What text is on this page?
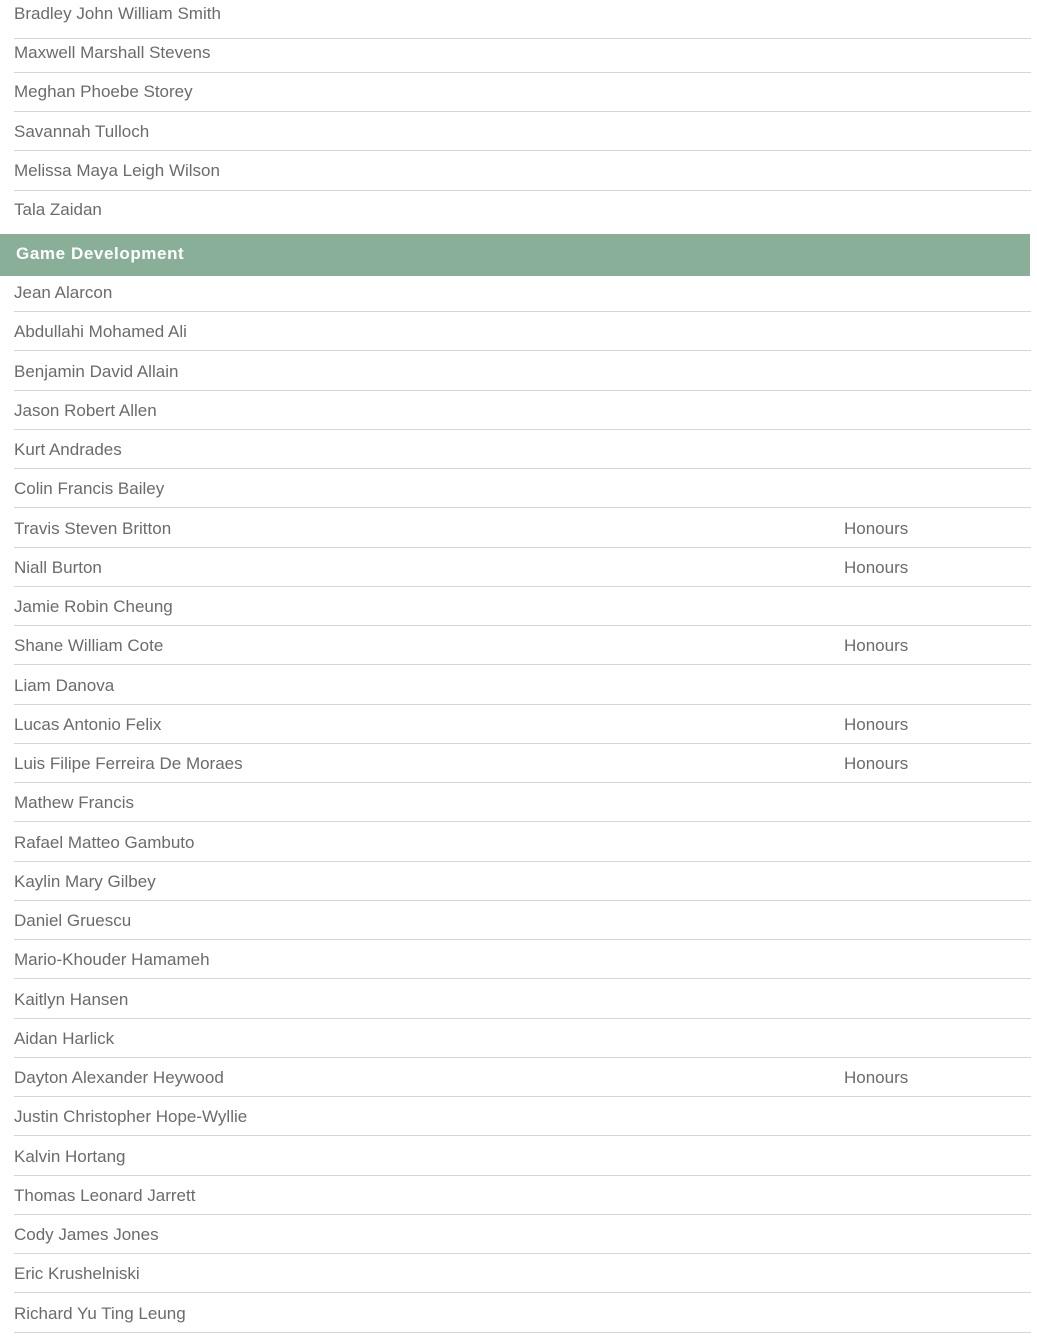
Bradley John William Smith
Maxwell Marshall Stevens
Meghan Phoebe Storey
Savannah Tulloch
Melissa Maya Leigh Wilson
Tala Zaidan
Game Development
Jean Alarcon
Abdullahi Mohamed Ali
Benjamin David Allain
Jason Robert Allen
Kurt Andrades
Colin Francis Bailey
Travis Steven Britton	Honours
Niall Burton	Honours
Jamie Robin Cheung
Shane William Cote	Honours
Liam Danova
Lucas Antonio Felix	Honours
Luis Filipe Ferreira De Moraes	Honours
Mathew Francis
Rafael Matteo Gambuto
Kaylin Mary Gilbey
Daniel Gruescu
Mario-Khouder Hamameh
Kaitlyn Hansen
Aidan Harlick
Dayton Alexander Heywood	Honours
Justin Christopher Hope-Wyllie
Kalvin Hortang
Thomas Leonard Jarrett
Cody James Jones
Eric Krushelniski
Richard Yu Ting Leung
